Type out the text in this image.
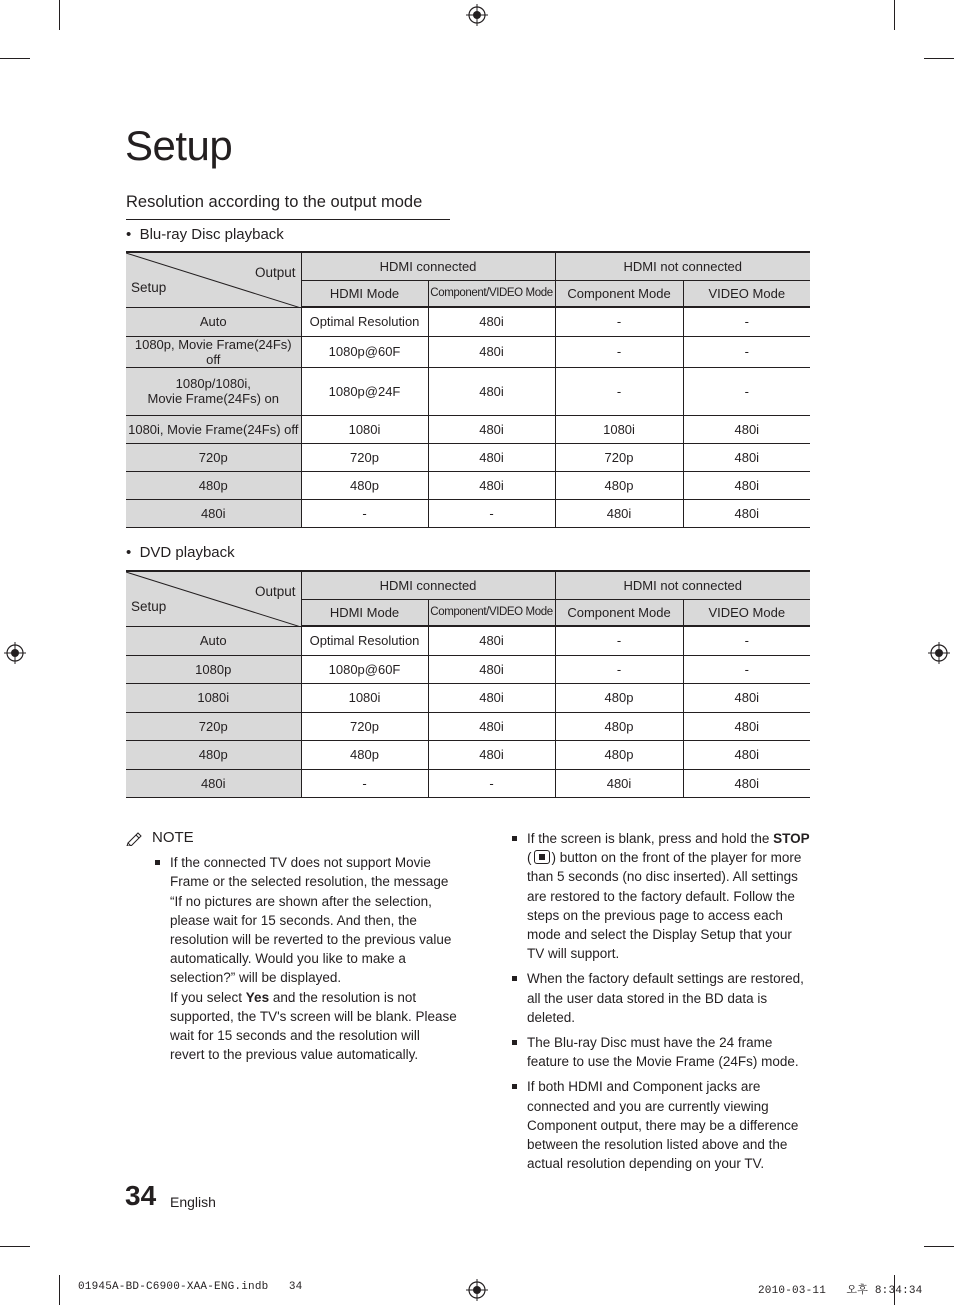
Setup
Resolution according to the output mode
•  Blu-ray Disc playback
Output
Setup	HDMI connected		HDMI not connected	
	HDMI Mode	Component/VIDEO Mode	Component Mode	VIDEO Mode
Auto	Optimal Resolution	480i	-	-
1080p, Movie Frame(24Fs) off	1080p@60F	480i	-	-
1080p/1080i,
Movie Frame(24Fs) on	1080p@24F	480i	-	-
1080i, Movie Frame(24Fs) off	1080i	480i	1080i	480i
720p	720p	480i	720p	480i
480p	480p	480i	480p	480i
480i	-	-	480i	480i
•  DVD playback
Output
Setup	HDMI connected		HDMI not connected	
	HDMI Mode	Component/VIDEO Mode	Component Mode	VIDEO Mode
Auto	Optimal Resolution	480i	-	-
1080p	1080p@60F	480i	-	-
1080i	1080i	480i	480p	480i
720p	720p	480i	480p	480i
480p	480p	480i	480p	480i
480i	-	-	480i	480i
NOTE
If the connected TV does not support Movie Frame or the selected resolution, the message “If no pictures are shown after the selection, please wait for 15 seconds. And then, the resolution will be reverted to the previous value automatically. Would you like to make a selection?” will be displayed.
If you select Yes and the resolution is not supported, the TV's screen will be blank. Please wait for 15 seconds and the resolution will revert to the previous value automatically.
If the screen is blank, press and hold the STOP ( ) button on the front of the player for more than 5 seconds (no disc inserted). All settings are restored to the factory default. Follow the steps on the previous page to access each mode and select the Display Setup that your TV will support.
When the factory default settings are restored, all the user data stored in the BD data is deleted.
The Blu-ray Disc must have the 24 frame feature to use the Movie Frame (24Fs) mode.
If both HDMI and Component jacks are connected and you are currently viewing Component output, there may be a difference between the resolution listed above and the actual resolution depending on your TV.
34 English
01945A-BD-C6900-XAA-ENG.indb   34	2010-03-11   오후 8:34:34
